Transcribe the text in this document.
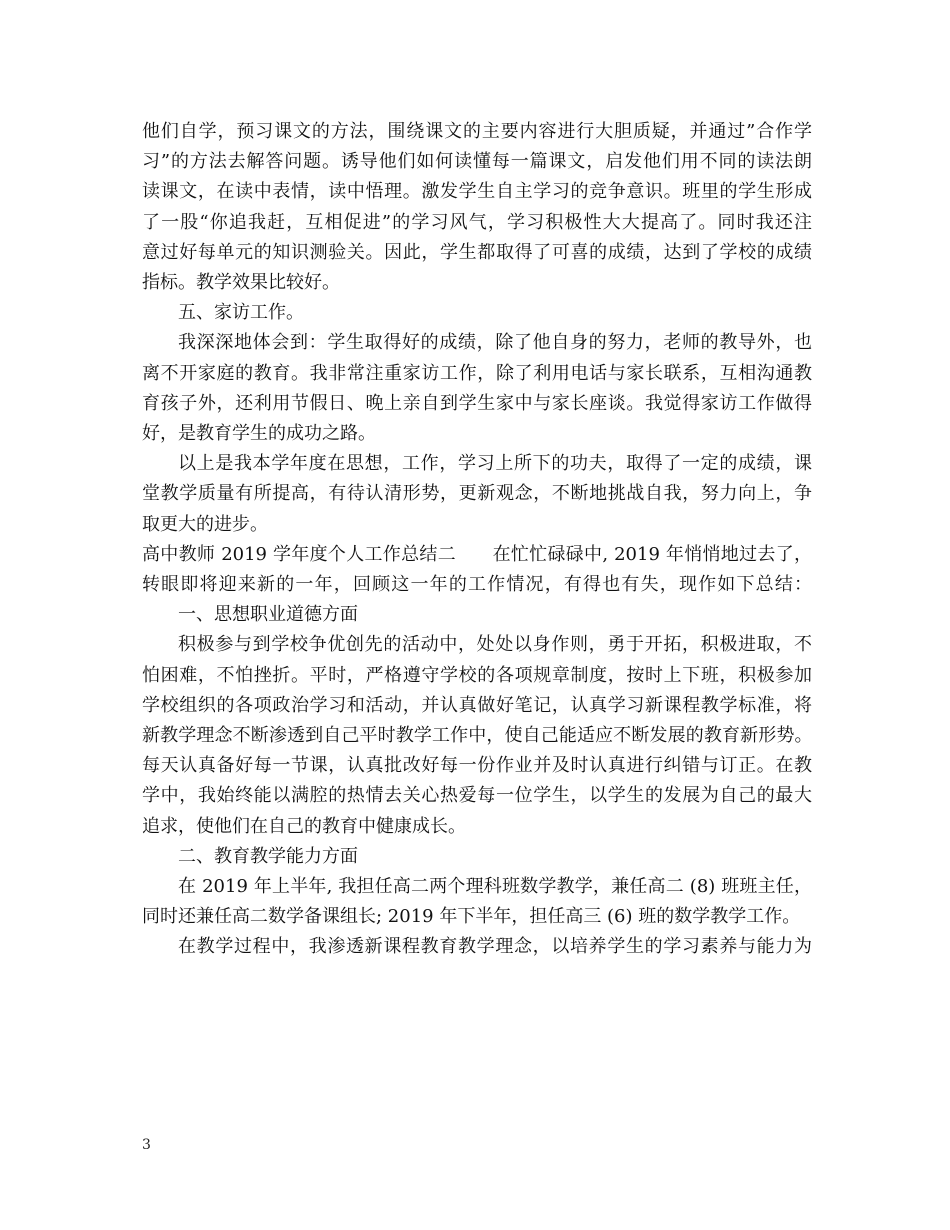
他们自学，预习课文的方法，围绕课文的主要内容进行大胆质疑，并通过”合作学
习”的方法去解答问题。诱导他们如何读懂每一篇课文，启发他们用不同的读法朗
读课文，在读中表情，读中悟理。激发学生自主学习的竞争意识。班里的学生形成
了一股“你追我赶，互相促进”的学习风气，学习积极性大大提高了。同时我还注
意过好每单元的知识测验关。因此，学生都取得了可喜的成绩，达到了学校的成绩
指标。教学效果比较好。
五、家访工作。
我深深地体会到：学生取得好的成绩，除了他自身的努力，老师的教导外，也
离不开家庭的教育。我非常注重家访工作，除了利用电话与家长联系，互相沟通教
育孩子外，还利用节假日、晚上亲自到学生家中与家长座谈。我觉得家访工作做得
好，是教育学生的成功之路。
以上是我本学年度在思想，工作，学习上所下的功夫，取得了一定的成绩，课
堂教学质量有所提高，有待认清形势，更新观念，不断地挑战自我，努力向上，争
取更大的进步。
高中教师 2019 学年度个人工作总结二　　在忙忙碌碌中, 2019 年悄悄地过去了，
转眼即将迎来新的一年，回顾这一年的工作情况，有得也有失，现作如下总结：
一、思想职业道德方面
积极参与到学校争优创先的活动中，处处以身作则，勇于开拓，积极进取，不
怕困难，不怕挫折。平时，严格遵守学校的各项规章制度，按时上下班，积极参加
学校组织的各项政治学习和活动，并认真做好笔记，认真学习新课程教学标准，将
新教学理念不断渗透到自己平时教学工作中，使自己能适应不断发展的教育新形势。
每天认真备好每一节课，认真批改好每一份作业并及时认真进行纠错与订正。在教
学中，我始终能以满腔的热情去关心热爱每一位学生，以学生的发展为自己的最大
追求，使他们在自己的教育中健康成长。
二、教育教学能力方面
在 2019 年上半年, 我担任高二两个理科班数学教学，兼任高二 (8) 班班主任，
同时还兼任高二数学备课组长; 2019 年下半年，担任高三 (6) 班的数学教学工作。
在教学过程中，我渗透新课程教育教学理念，以培养学生的学习素养与能力为
3
